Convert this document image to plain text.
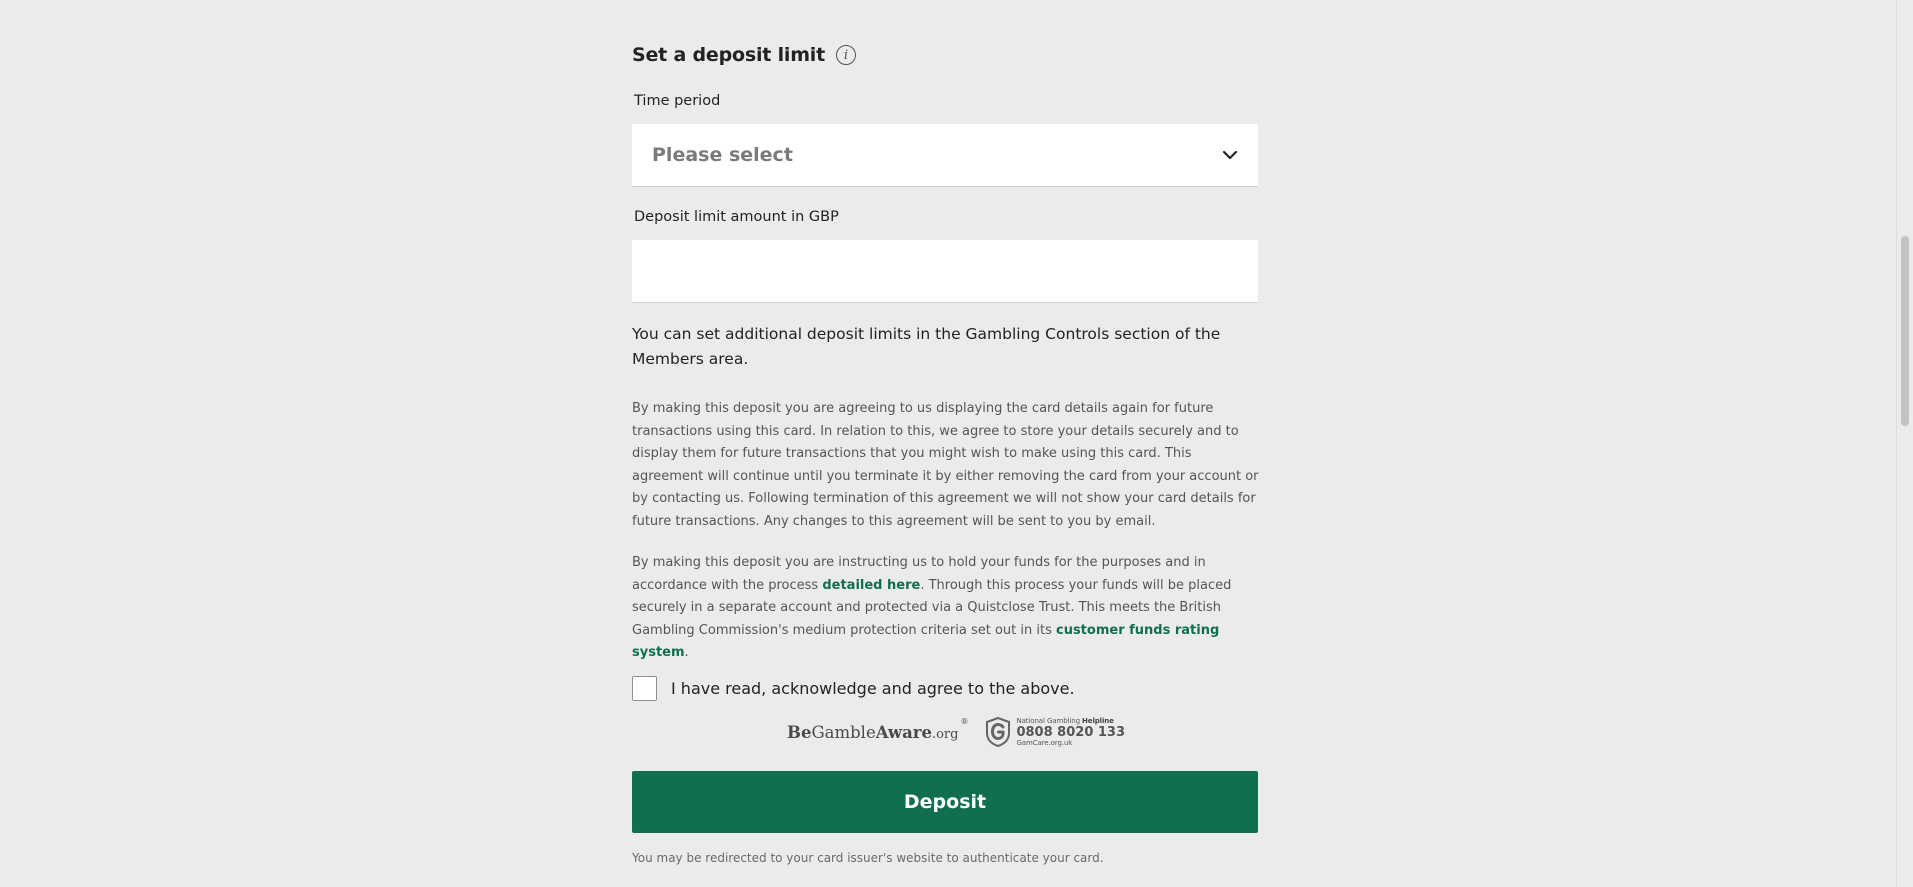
Set a deposit limit	i
Time period
Please select
Deposit limit amount in GBP
You can set additional deposit limits in the Gambling Controls section of the Members area.
By making this deposit you are agreeing to us displaying the card details again for future transactions using this card. In relation to this, we agree to store your details securely and to display them for future transactions that you might wish to make using this card. This agreement will continue until you terminate it by either removing the card from your account or by contacting us. Following termination of this agreement we will not show your card details for future transactions. Any changes to this agreement will be sent to you by email.
By making this deposit you are instructing us to hold your funds for the purposes and in accordance with the process detailed here. Through this process your funds will be placed securely in a separate account and protected via a Quistclose Trust. This meets the British Gambling Commission's medium protection criteria set out in its customer funds rating system.
I have read, acknowledge and agree to the above.
BeGambleAware.org
®	National Gambling Helpline
0808 8020 133
GamCare.org.uk
Deposit
You may be redirected to your card issuer's website to authenticate your card.
